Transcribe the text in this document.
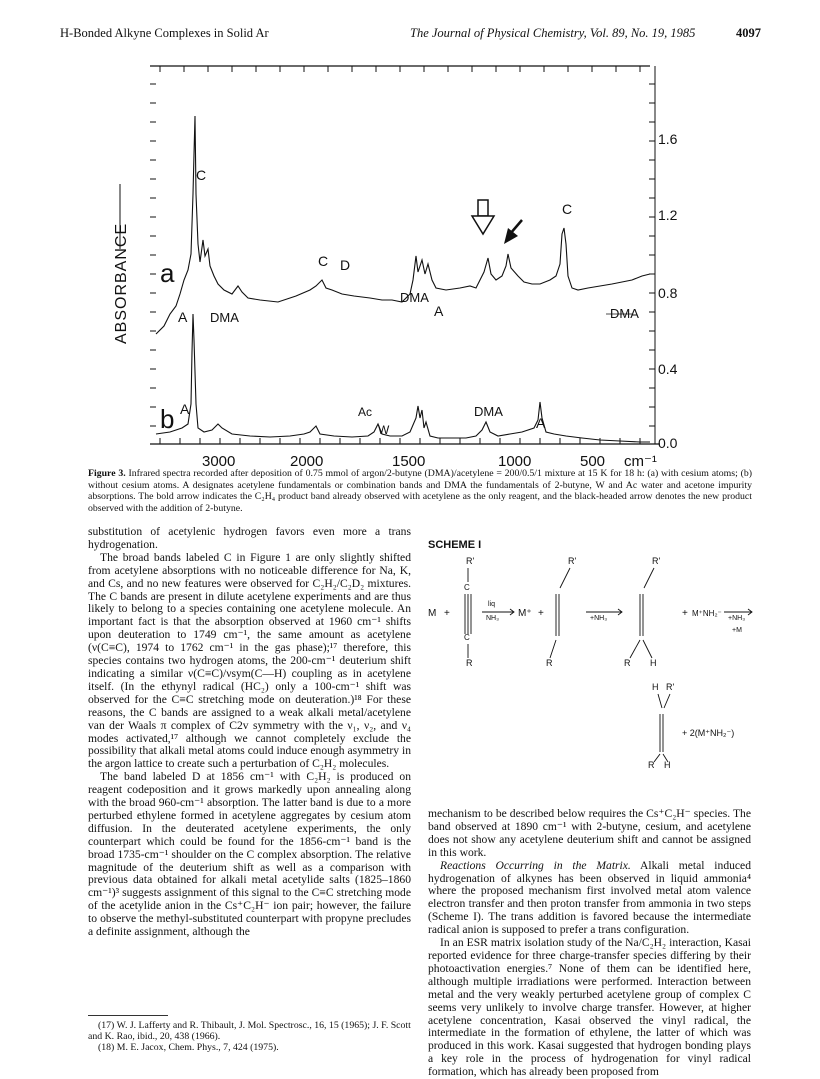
H-Bonded Alkyne Complexes in Solid Ar	The Journal of Physical Chemistry, Vol. 89, No. 19, 1985	4097
ABSORBANCE
1.6
1.2
0.8
0.4
0.0
3000	2000	1500	1000	500 cm⁻¹
a
b
C
C D
DMA
C
A DMA	DMA
A
A	Ac
W
DMA
A
Figure 3. Infrared spectra recorded after deposition of 0.75 mmol of argon/2-butyne (DMA)/acetylene = 200/0.5/1 mixture at 15 K for 18 h: (a) with cesium atoms; (b) without cesium atoms. A designates acetylene fundamentals or combination bands and DMA the fundamentals of 2-butyne, W and Ac water and acetone impurity absorptions. The bold arrow indicates the C₂H₄ product band already observed with acetylene as the only reagent, and the black-headed arrow denotes the new product observed with the addition of 2-butyne.

substitution of acetylenic hydrogen favors even more a trans hydrogenation.

The broad bands labeled C in Figure 1 are only slightly shifted from acetylene absorptions with no noticeable difference for Na, K, and Cs, and no new features were observed for C₂H₂/C₂D₂ mixtures. The C bands are present in dilute acetylene experiments and are thus likely to belong to a species containing one acetylene molecule. An important fact is that the absorption observed at 1960 cm⁻¹ shifts upon deuteration to 1749 cm⁻¹, the same amount as acetylene (ν(C≡C), 1974 to 1762 cm⁻¹ in the gas phase);¹⁷ therefore, this species contains two hydrogen atoms, the 200-cm⁻¹ deuterium shift indicating a similar ν(C≡C)/νsym(C—H) coupling as in acetylene itself. (In the ethynyl radical (HC₂) only a 100-cm⁻¹ shift was observed for the C≡C stretching mode on deuteration.)¹⁸ For these reasons, the C bands are assigned to a weak alkali metal/acetylene van der Waals π complex of C2v symmetry with the ν₁, ν₂, and ν₄ modes activated,¹⁷ although we cannot completely exclude the possibility that alkali metal atoms could induce enough asymmetry in the argon lattice to create such a perturbation of C₂H₂ molecules.

The band labeled D at 1856 cm⁻¹ with C₂H₂ is produced on reagent codeposition and it grows markedly upon annealing along with the broad 960-cm⁻¹ absorption. The latter band is due to a more perturbed ethylene formed in acetylene aggregates by cesium atom diffusion. In the deuterated acetylene experiments, the only counterpart which could be found for the 1856-cm⁻¹ band is the broad 1735-cm⁻¹ shoulder on the C complex absorption. The relative magnitude of the deuterium shift as well as a comparison with previous data obtained for alkali metal acetylide salts (1825–1860 cm⁻¹)³ suggests assignment of this signal to the C≡C stretching mode of the acetylide anion in the Cs⁺C₂H⁻ ion pair; however, the failure to observe the methyl-substituted counterpart with propyne precludes a definite assignment, although the

SCHEME I
R'	R'	R'
R	R	R H
M +	M⁺ +	+ M⁺NH₂⁻
liq
NH₃	+NH₃	+NH₃
+M
H R'
R H
+ 2(M⁺NH₂⁻)
C
C

mechanism to be described below requires the Cs⁺C₂H⁻ species. The band observed at 1890 cm⁻¹ with 2-butyne, cesium, and acetylene does not show any acetylene deuterium shift and cannot be assigned in this work.

Reactions Occurring in the Matrix. Alkali metal induced hydrogenation of alkynes has been observed in liquid ammonia⁴ where the proposed mechanism first involved metal atom valence electron transfer and then proton transfer from ammonia in two steps (Scheme I). The trans addition is favored because the intermediate radical anion is supposed to prefer a trans configuration.

In an ESR matrix isolation study of the Na/C₂H₂ interaction, Kasai reported evidence for three charge-transfer species differing by their photoactivation energies.⁷ None of them can be identified here, although multiple irradiations were performed. Interaction between metal and the very weakly perturbed acetylene group of complex C seems very unlikely to involve charge transfer. However, at higher acetylene concentration, Kasai observed the vinyl radical, the intermediate in the formation of ethylene, the latter of which was produced in this work. Kasai suggested that hydrogen bonding plays a key role in the process of hydrogenation for vinyl radical formation, which has already been proposed from

(17) W. J. Lafferty and R. Thibault, J. Mol. Spectrosc., 16, 15 (1965); J. F. Scott and K. Rao, ibid., 20, 438 (1966).

(18) M. E. Jacox, Chem. Phys., 7, 424 (1975).
